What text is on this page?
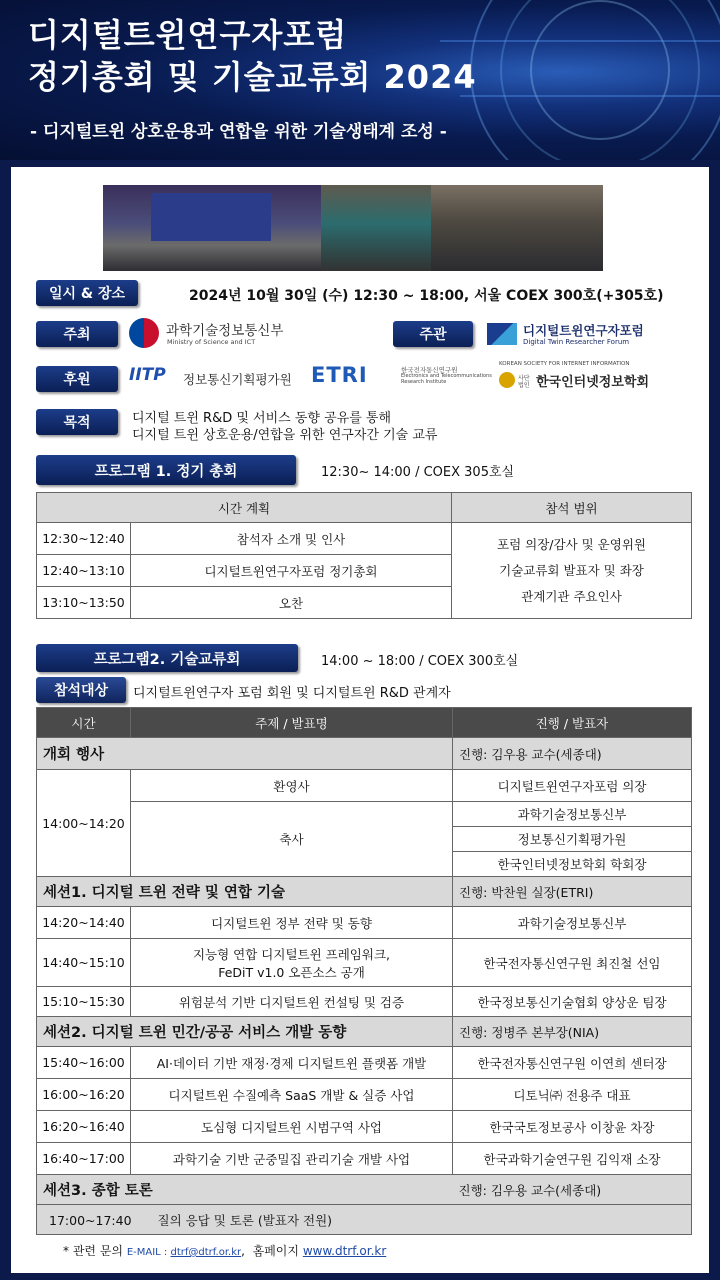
디지털트윈연구자포럼
정기총회 및 기술교류회 2024
- 디지털트윈 상호운용과 연합을 위한 기술생태계 조성 -
일시 & 장소	2024년 10월 30일 (수) 12:30 ~ 18:00, 서울 COEX 300호(+305호)
주최	과학기술정보통신부
Ministry of Science and ICT	주관	디지털트윈연구자포럼
Digital Twin Researcher Forum
후원	IITP 정보통신기획평가원 ETRI	한국전자통신연구원
Electronics and Telecommunications
Research Institute
KOREAN SOCIETY FOR INTERNET INFORMATION
사단법인 한국인터넷정보학회
목적	디지털 트윈 R&D 및 서비스 동향 공유를 통해
디지털 트윈 상호운용/연합을 위한 연구자간 기술 교류
프로그램 1. 정기 총회	12:30~ 14:00 / COEX 305호실
시간 계획		참석 범위
12:30~12:40	참석자 소개 및 인사	포럼 의장/감사 및 운영위원
기술교류회 발표자 및 좌장
관계기관 주요인사

12:40~13:10	디지털트윈연구자포럼 정기총회	
13:10~13:50	오찬	
프로그램2. 기술교류회	14:00 ~ 18:00 / COEX 300호실
참석대상	디지털트윈연구자 포럼 회원 및 디지털트윈 R&D 관계자
시간	주제 / 발표명	진행 / 발표자
개회 행사		진행: 김우용 교수(세종대)
14:00~14:20	환영사	디지털트윈연구자포럼 의장
	축사	과학기술정보통신부
		정보통신기획평가원
		한국인터넷정보학회 학회장
세션1. 디지털 트윈 전략 및 연합 기술		진행: 박찬원 실장(ETRI)
14:20~14:40	디지털트윈 정부 전략 및 동향	과학기술정보통신부
14:40~15:10	지능형 연합 디지털트윈 프레임워크,
FeDiT v1.0 오픈소스 공개	한국전자통신연구원 최진철 선임
15:10~15:30	위험분석 기반 디지털트윈 컨설팅 및 검증	한국정보통신기술협회 양상운 팀장
세션2. 디지털 트윈 민간/공공 서비스 개발 동향		진행: 정병주 본부장(NIA)
15:40~16:00	AI·데이터 기반 재정·경제 디지털트윈 플랫폼 개발	한국전자통신연구원 이연희 센터장
16:00~16:20	디지털트윈 수질예측 SaaS 개발 & 실증 사업	디토닉㈜ 전용주 대표
16:20~16:40	도심형 디지털트윈 시범구역 사업	한국국토정보공사 이창윤 차장
16:40~17:00	과학기술 기반 군중밀집 관리기술 개발 사업	한국과학기술연구원 김익재 소장
세션3. 종합 토론		진행: 김우용 교수(세종대)
17:00~17:40 질의 응답 및 토론 (발표자 전원)		
* 관련 문의 E-MAIL : dtrf@dtrf.or.kr, 홈페이지 www.dtrf.or.kr
